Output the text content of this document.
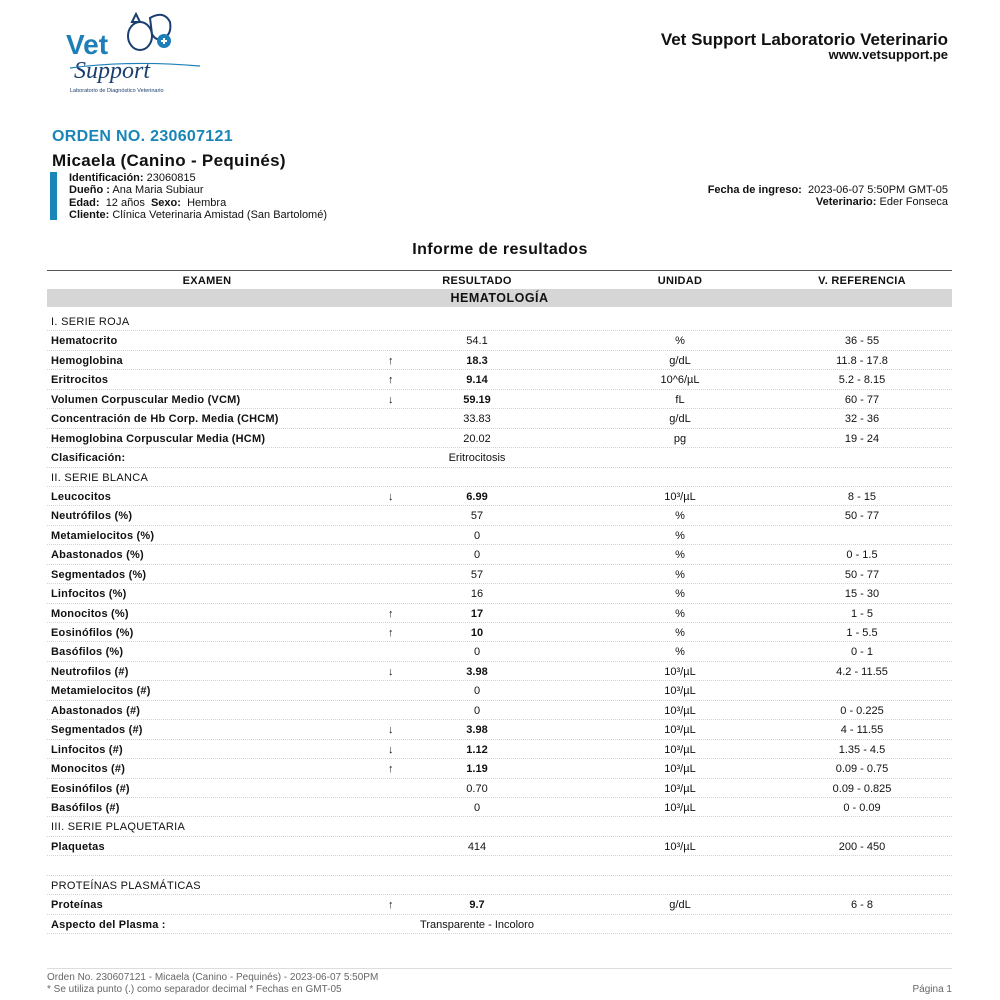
Vet
Support
Laboratorio de Diagnóstico Veterinario
Vet Support Laboratorio Veterinario
www.vetsupport.pe
ORDEN NO. 230607121
Micaela (Canino - Pequinés)
Identificación: 23060815
Dueño : Ana Maria Subiaur
Edad: 12 años Sexo: Hembra
Cliente: Clínica Veterinaria Amistad (San Bartolomé)
Fecha de ingreso: 2023-06-07 5:50PM GMT-05
Veterinario: Eder Fonseca
Informe de resultados
EXAMEN	RESULTADO	UNIDAD	V. REFERENCIA
HEMATOLOGÍA
I. SERIE ROJA
Hematocrito	54.1	%	36 - 55
Hemoglobina	↑	18.3	g/dL	11.8 - 17.8
Eritrocitos	↑	9.14	10^6/µL	5.2 - 8.15
Volumen Corpuscular Medio (VCM)	↓	59.19	fL	60 - 77
Concentración de Hb Corp. Media (CHCM)	33.83	g/dL	32 - 36
Hemoglobina Corpuscular Media (HCM)	20.02	pg	19 - 24
Clasificación:	Eritrocitosis
II. SERIE BLANCA
Leucocitos	↓	6.99	10³/µL	8 - 15
Neutrófilos (%)	57	%	50 - 77
Metamielocitos (%)	0	%
Abastonados (%)	0	%	0 - 1.5
Segmentados (%)	57	%	50 - 77
Linfocitos (%)	16	%	15 - 30
Monocitos (%)	↑	17	%	1 - 5
Eosinófilos (%)	↑	10	%	1 - 5.5
Basófilos (%)	0	%	0 - 1
Neutrofilos (#)	↓	3.98	10³/µL	4.2 - 11.55
Metamielocitos (#)	0	10³/µL
Abastonados (#)	0	10³/µL	0 - 0.225
Segmentados (#)	↓	3.98	10³/µL	4 - 11.55
Linfocitos (#)	↓	1.12	10³/µL	1.35 - 4.5
Monocitos (#)	↑	1.19	10³/µL	0.09 - 0.75
Eosinófilos (#)	0.70	10³/µL	0.09 - 0.825
Basófilos (#)	0	10³/µL	0 - 0.09
III. SERIE PLAQUETARIA
Plaquetas	414	10³/µL	200 - 450
PROTEÍNAS PLASMÁTICAS
Proteínas	↑	9.7	g/dL	6 - 8
Aspecto del Plasma :	Transparente - Incoloro
Orden No. 230607121 - Micaela (Canino - Pequinés) - 2023-06-07 5:50PM
* Se utiliza punto (.) como separador decimal * Fechas en GMT-05	Página 1
